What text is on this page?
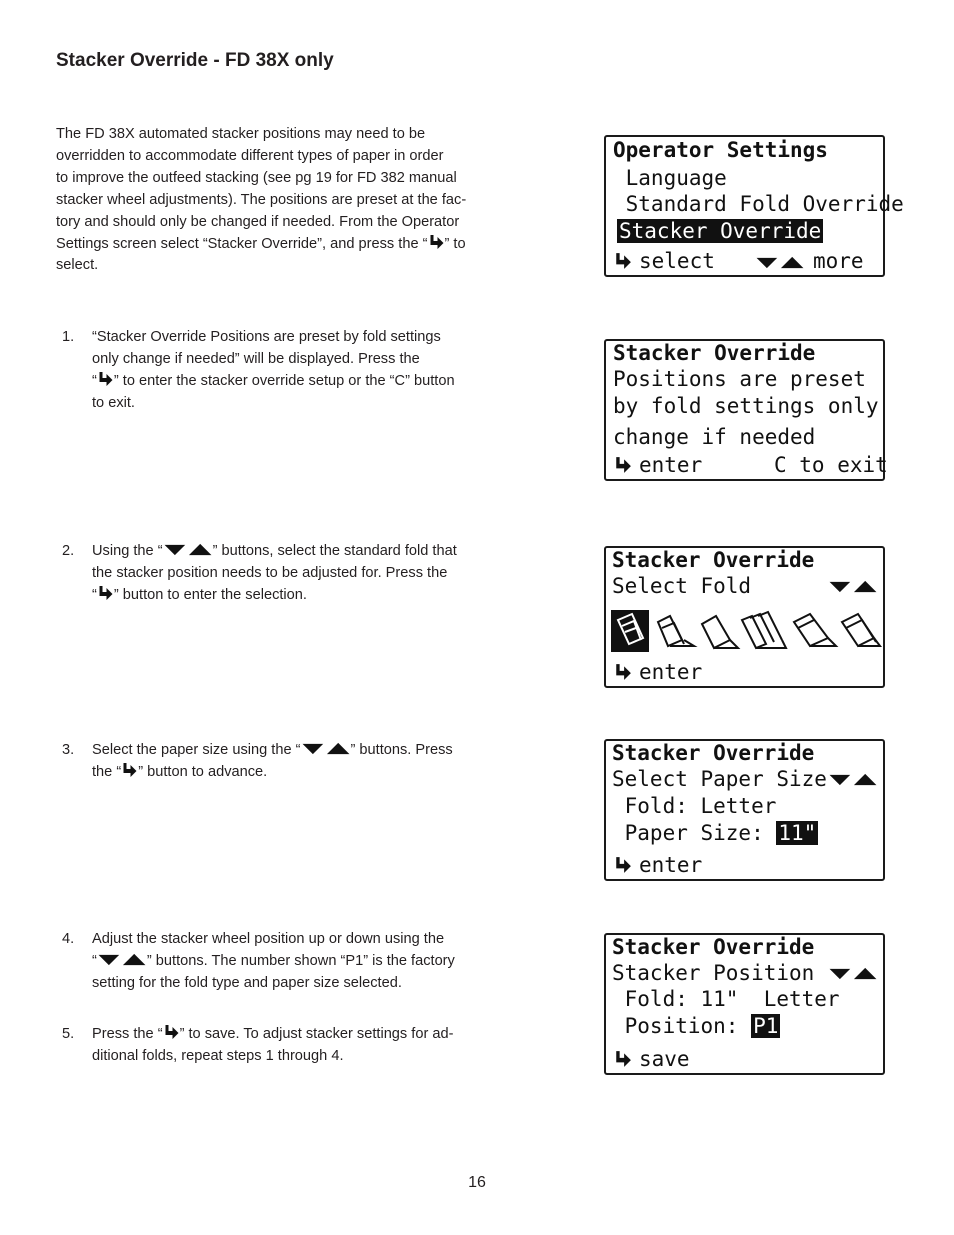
Stacker Override - FD 38X only
The FD 38X automated stacker positions may need to be
overridden to accommodate different types of paper in order
to improve the outfeed stacking (see pg 19 for FD 382 manual
stacker wheel adjustments). The positions are preset at the fac-
tory and should only be changed if needed. From the Operator
Settings screen select “Stacker Override”, and press the “ ” to
select.
1. “Stacker Override Positions are preset by fold settings
only change if needed” will be displayed. Press the
“ ” to enter the stacker override setup or the “C” button
to exit.
2. Using the “	” buttons, select the standard fold that
the stacker position needs to be adjusted for. Press the
“ ” button to enter the selection.
3. Select the paper size using the “	” buttons. Press
the “ ” button to advance.
4. Adjust the stacker wheel position up or down using the
“	” buttons. The number shown “P1” is the factory
setting for the fold type and paper size selected.
5. Press the “ ” to save. To adjust stacker settings for ad-
ditional folds, repeat steps 1 through 4.
Operator Settings
Language
Standard Fold Override
Stacker Override
select	more
Stacker Override
Positions are preset
by fold settings only
change if needed
enter	C to exit
Stacker Override
Select Fold
enter
Stacker Override
Select Paper Size
Fold: Letter
Paper Size: 11"
enter
Stacker Override
Stacker Position
Fold: 11"  Letter
Position: P1
save
16
